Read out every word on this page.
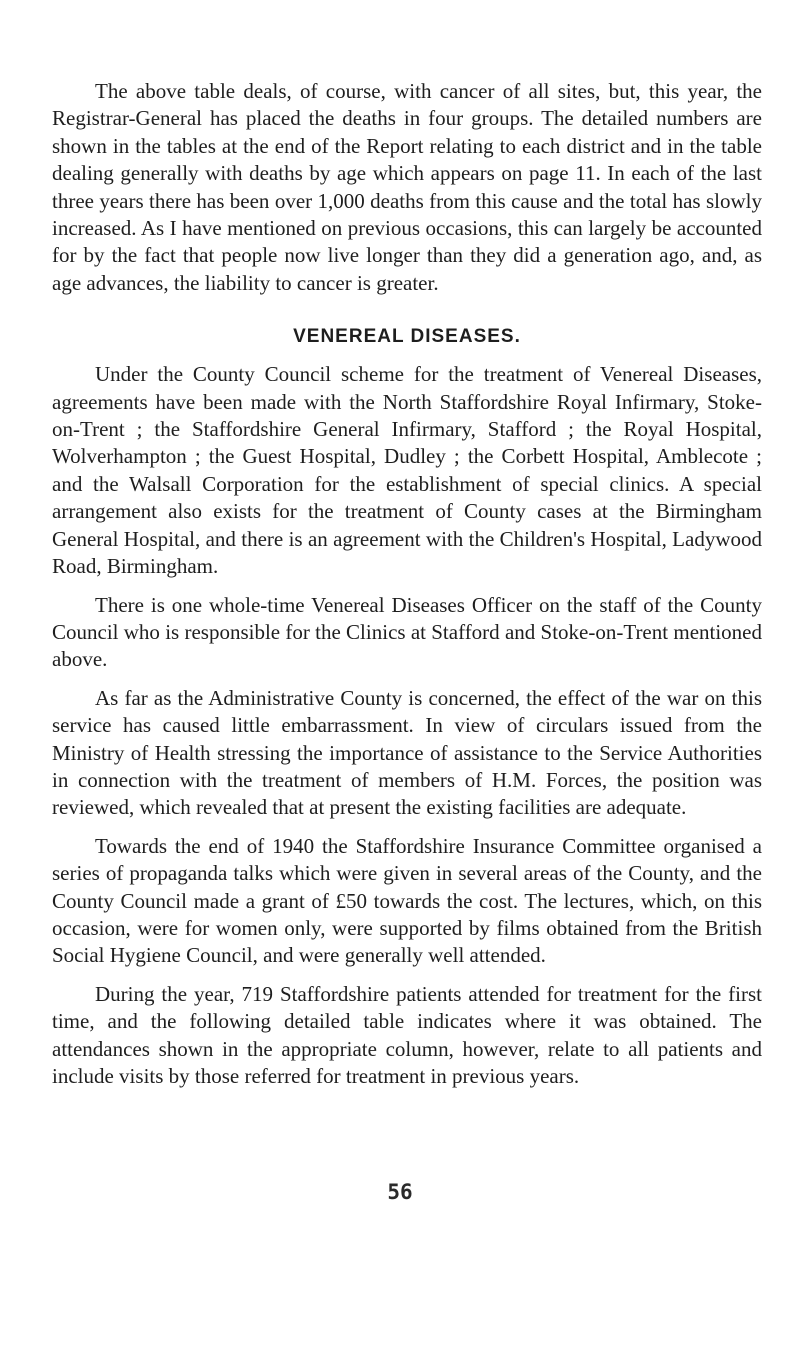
The above table deals, of course, with cancer of all sites, but, this year, the Registrar-General has placed the deaths in four groups. The detailed numbers are shown in the tables at the end of the Report relating to each district and in the table dealing generally with deaths by age which appears on page 11. In each of the last three years there has been over 1,000 deaths from this cause and the total has slowly increased. As I have mentioned on previous occasions, this can largely be accounted for by the fact that people now live longer than they did a generation ago, and, as age advances, the liability to cancer is greater.

VENEREAL DISEASES.

Under the County Council scheme for the treatment of Venereal Diseases, agreements have been made with the North Staffordshire Royal Infirmary, Stoke-on-Trent ; the Staffordshire General Infirmary, Stafford ; the Royal Hospital, Wolverhampton ; the Guest Hospital, Dudley ; the Corbett Hospital, Amblecote ; and the Walsall Corporation for the establishment of special clinics. A special arrangement also exists for the treatment of County cases at the Birmingham General Hospital, and there is an agreement with the Children's Hospital, Ladywood Road, Birmingham.

There is one whole-time Venereal Diseases Officer on the staff of the County Council who is responsible for the Clinics at Stafford and Stoke-on-Trent mentioned above.

As far as the Administrative County is concerned, the effect of the war on this service has caused little embarrassment. In view of circulars issued from the Ministry of Health stressing the importance of assistance to the Service Authorities in connection with the treatment of members of H.M. Forces, the position was reviewed, which revealed that at present the existing facilities are adequate.

Towards the end of 1940 the Staffordshire Insurance Committee organised a series of propaganda talks which were given in several areas of the County, and the County Council made a grant of £50 towards the cost. The lectures, which, on this occasion, were for women only, were supported by films obtained from the British Social Hygiene Council, and were generally well attended.

During the year, 719 Staffordshire patients attended for treatment for the first time, and the following detailed table indicates where it was obtained. The attendances shown in the appropriate column, however, relate to all patients and include visits by those referred for treatment in previous years.

56
